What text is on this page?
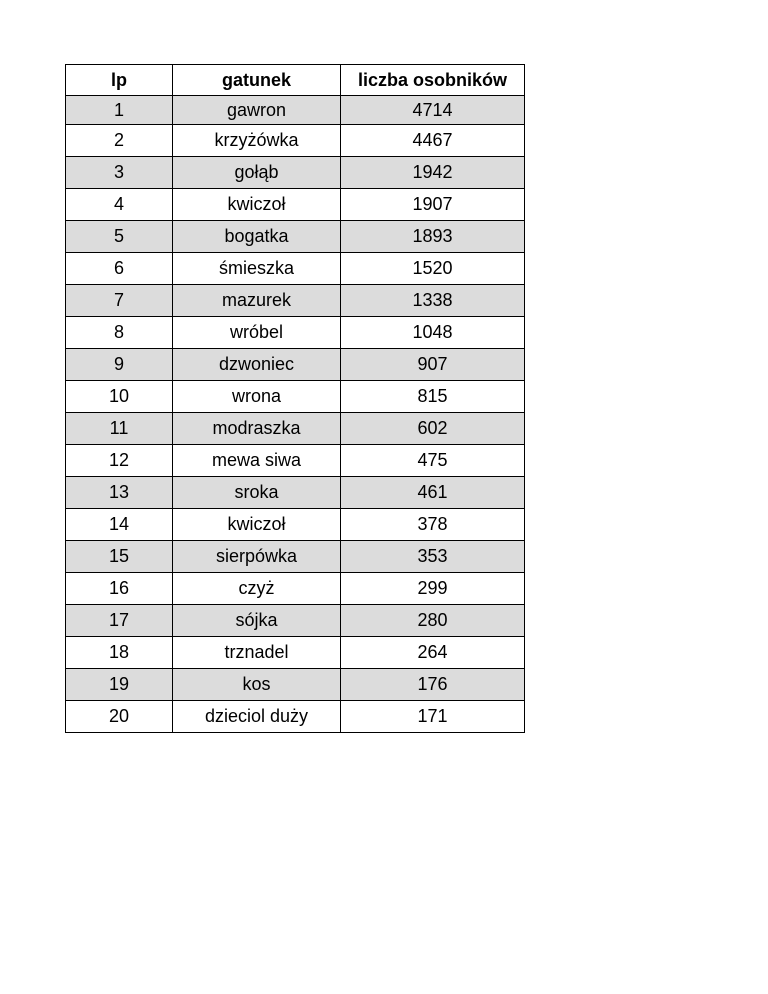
lp	gatunek	liczba osobników
1	gawron	4714
2	krzyżówka	4467
3	gołąb	1942
4	kwiczoł	1907
5	bogatka	1893
6	śmieszka	1520
7	mazurek	1338
8	wróbel	1048
9	dzwoniec	907
10	wrona	815
11	modraszka	602
12	mewa siwa	475
13	sroka	461
14	kwiczoł	378
15	sierpówka	353
16	czyż	299
17	sójka	280
18	trznadel	264
19	kos	176
20	dzieciol duży	171
